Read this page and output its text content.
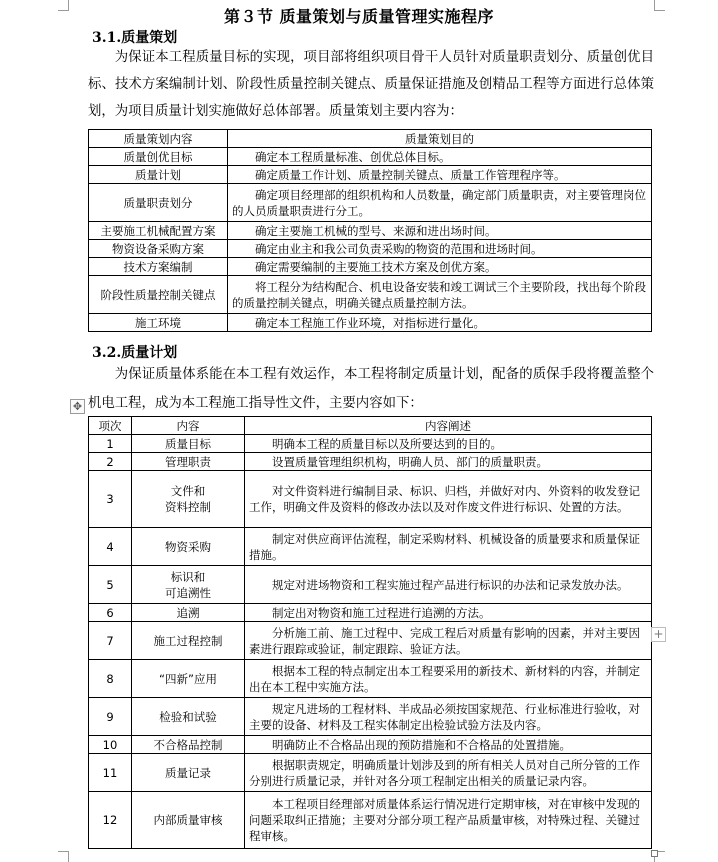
第３节 质量策划与质量管理实施程序

3.1.质量策划

为保证本工程质量目标的实现，项目部将组织项目骨干人员针对质量职责划分、质量创优目标、技术方案编制计划、阶段性质量控制关键点、质量保证措施及创精品工程等方面进行总体策划，为项目质量计划实施做好总体部署。质量策划主要内容为：

质量策划内容	质量策划目的
质量创优目标	确定本工程质量标准、创优总体目标。
质量计划	确定质量工作计划、质量控制关键点、质量工作管理程序等。
质量职责划分	确定项目经理部的组织机构和人员数量，确定部门质量职责，对主要管理岗位的人员质量职责进行分工。
主要施工机械配置方案	确定主要施工机械的型号、来源和进出场时间。
物资设备采购方案	确定由业主和我公司负责采购的物资的范围和进场时间。
技术方案编制	确定需要编制的主要施工技术方案及创优方案。
阶段性质量控制关键点	将工程分为结构配合、机电设备安装和竣工调试三个主要阶段，找出每个阶段的质量控制关键点，明确关键点质量控制方法。
施工环境	确定本工程施工作业环境，对指标进行量化。

3.2.质量计划

为保证质量体系能在本工程有效运作，本工程将制定质量计划，配备的质保手段将覆盖整个机电工程，成为本工程施工指导性文件，主要内容如下：

✥
项次	内容	内容阐述
1	质量目标	明确本工程的质量目标以及所要达到的目的。
2	管理职责	设置质量管理组织机构，明确人员、部门的质量职责。
3	文件和
资料控制	对文件资料进行编制目录、标识、归档，并做好对内、外资料的收发登记工作，明确文件及资料的修改办法以及对作废文件进行标识、处置的方法。
4	物资采购	制定对供应商评估流程，制定采购材料、机械设备的质量要求和质量保证措施。
5	标识和
可追溯性	规定对进场物资和工程实施过程产品进行标识的办法和记录发放办法。
6	追溯	制定出对物资和施工过程进行追溯的方法。
7	施工过程控制	分析施工前、施工过程中、完成工程后对质量有影响的因素，并对主要因素进行跟踪或验证，制定跟踪、验证方法。
8	“四新”应用	根据本工程的特点制定出本工程要采用的新技术、新材料的内容，并制定出在本工程中实施方法。
9	检验和试验	规定凡进场的工程材料、半成品必须按国家规范、行业标准进行验收，对主要的设备、材料及工程实体制定出检验试验方法及内容。
10	不合格品控制	明确防止不合格品出现的预防措施和不合格品的处置措施。
11	质量记录	根据职责规定，明确质量计划涉及到的所有相关人员对自己所分管的工作分别进行质量记录，并针对各分项工程制定出相关的质量记录内容。
12	内部质量审核	本工程项目经理部对质量体系运行情况进行定期审核，对在审核中发现的问题采取纠正措施；主要对分部分项工程产品质量审核，对特殊过程、关键过程审核。
+
